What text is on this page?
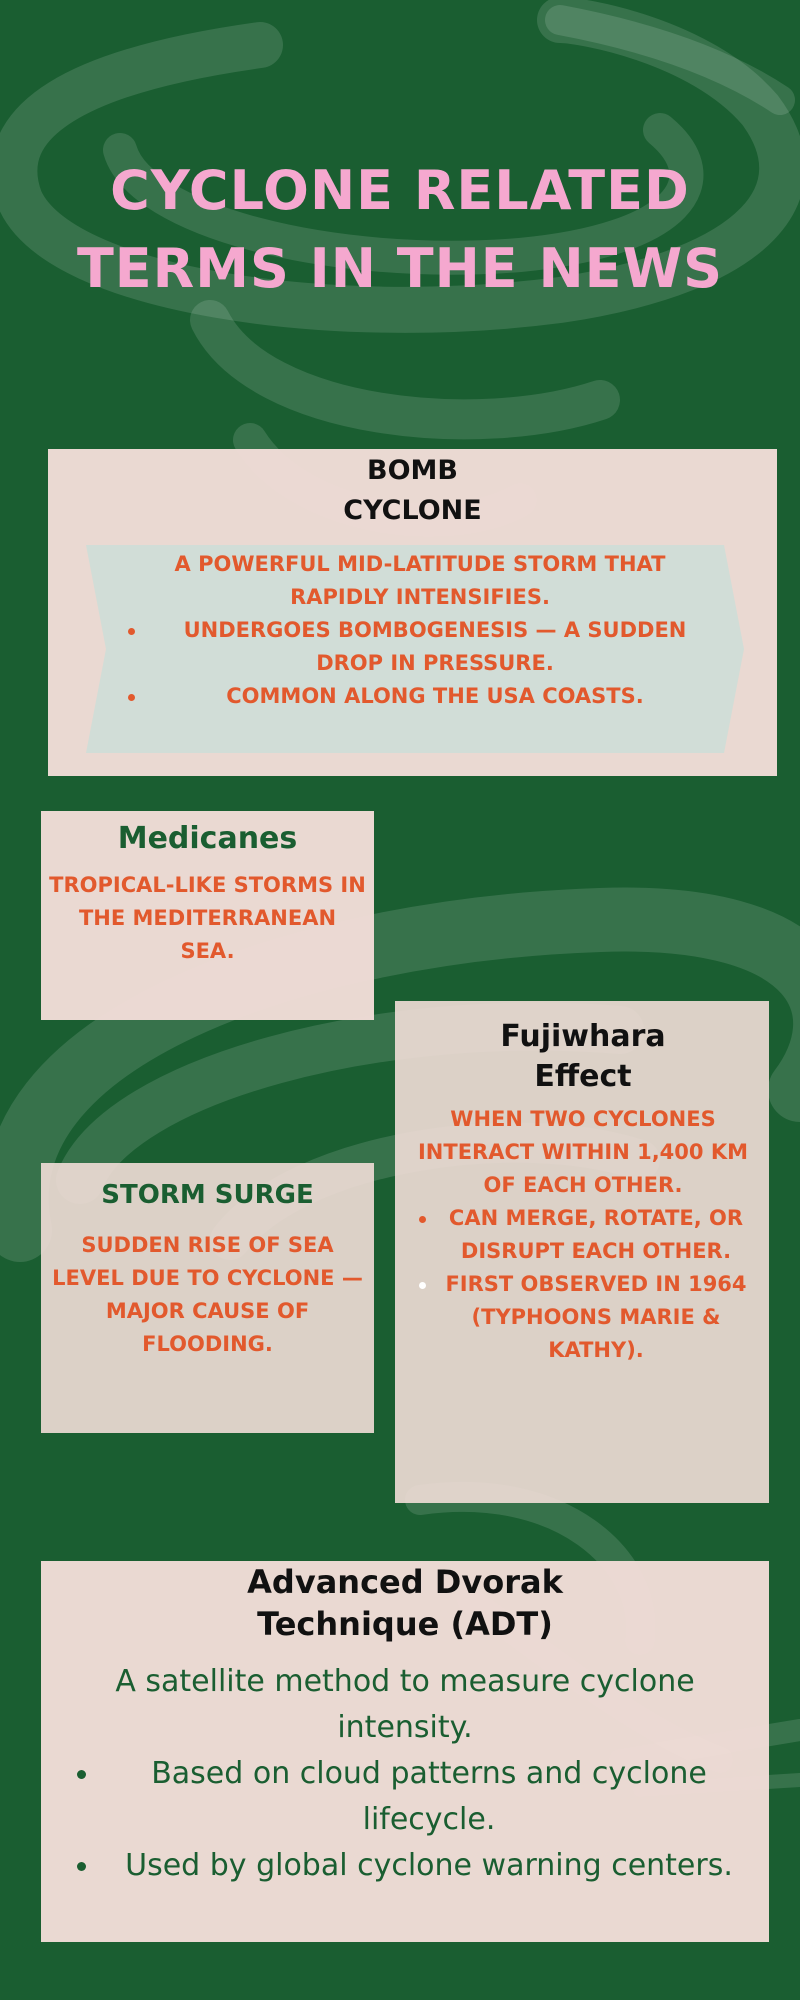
CYCLONE RELATED
TERMS IN THE NEWS
BOMB
CYCLONE
A POWERFUL MID-LATITUDE STORM THAT RAPIDLY INTENSIFIES.
UNDERGOES BOMBOGENESIS — A SUDDEN DROP IN PRESSURE.
COMMON ALONG THE USA COASTS.
Medicanes
TROPICAL-LIKE STORMS IN THE MEDITERRANEAN SEA.
Fujiwhara
Effect
WHEN TWO CYCLONES INTERACT WITHIN 1,400 KM OF EACH OTHER.
CAN MERGE, ROTATE, OR DISRUPT EACH OTHER.
FIRST OBSERVED IN 1964 (TYPHOONS MARIE & KATHY).
STORM SURGE
SUDDEN RISE OF SEA LEVEL DUE TO CYCLONE — MAJOR CAUSE OF FLOODING.
Advanced Dvorak
Technique (ADT)
A satellite method to measure cyclone intensity.
Based on cloud patterns and cyclone lifecycle.
Used by global cyclone warning centers.
